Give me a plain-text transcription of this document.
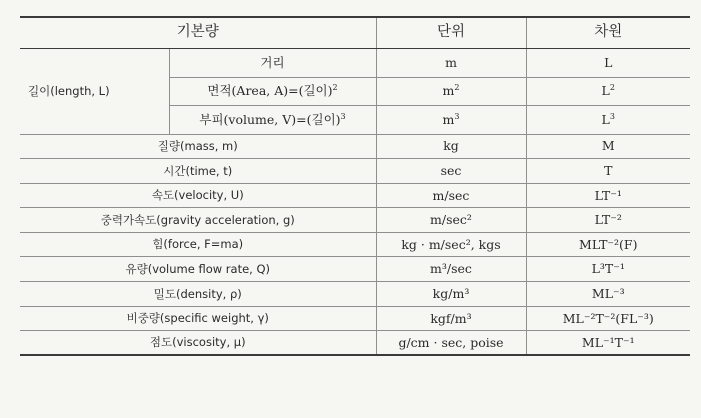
기본량		단위	차원
길이(length, L)	거리	m	L
	면적(Area, A)=(길이)$^2$	$m^2$	$L^2$
	부피(volume, V)=(길이)$^3$	$m^3$	$L^3$
질량(mass, m)		kg	M
시간(time, t)		sec	T
속도(velocity, U)		m/sec	LT⁻¹
중력가속도(gravity acceleration, g)		m/sec²	LT⁻²
힘(force, F=ma)		kg · m/sec², kgs	MLT⁻²(F)
유량(volume flow rate, Q)		m³/sec	L³T⁻¹
밀도(density, ρ)		kg/m³	ML⁻³
비중량(specific weight, γ)		kgf/m³	ML⁻²T⁻²(FL⁻³)
점도(viscosity, μ)		g/cm · sec, poise	ML⁻¹T⁻¹
